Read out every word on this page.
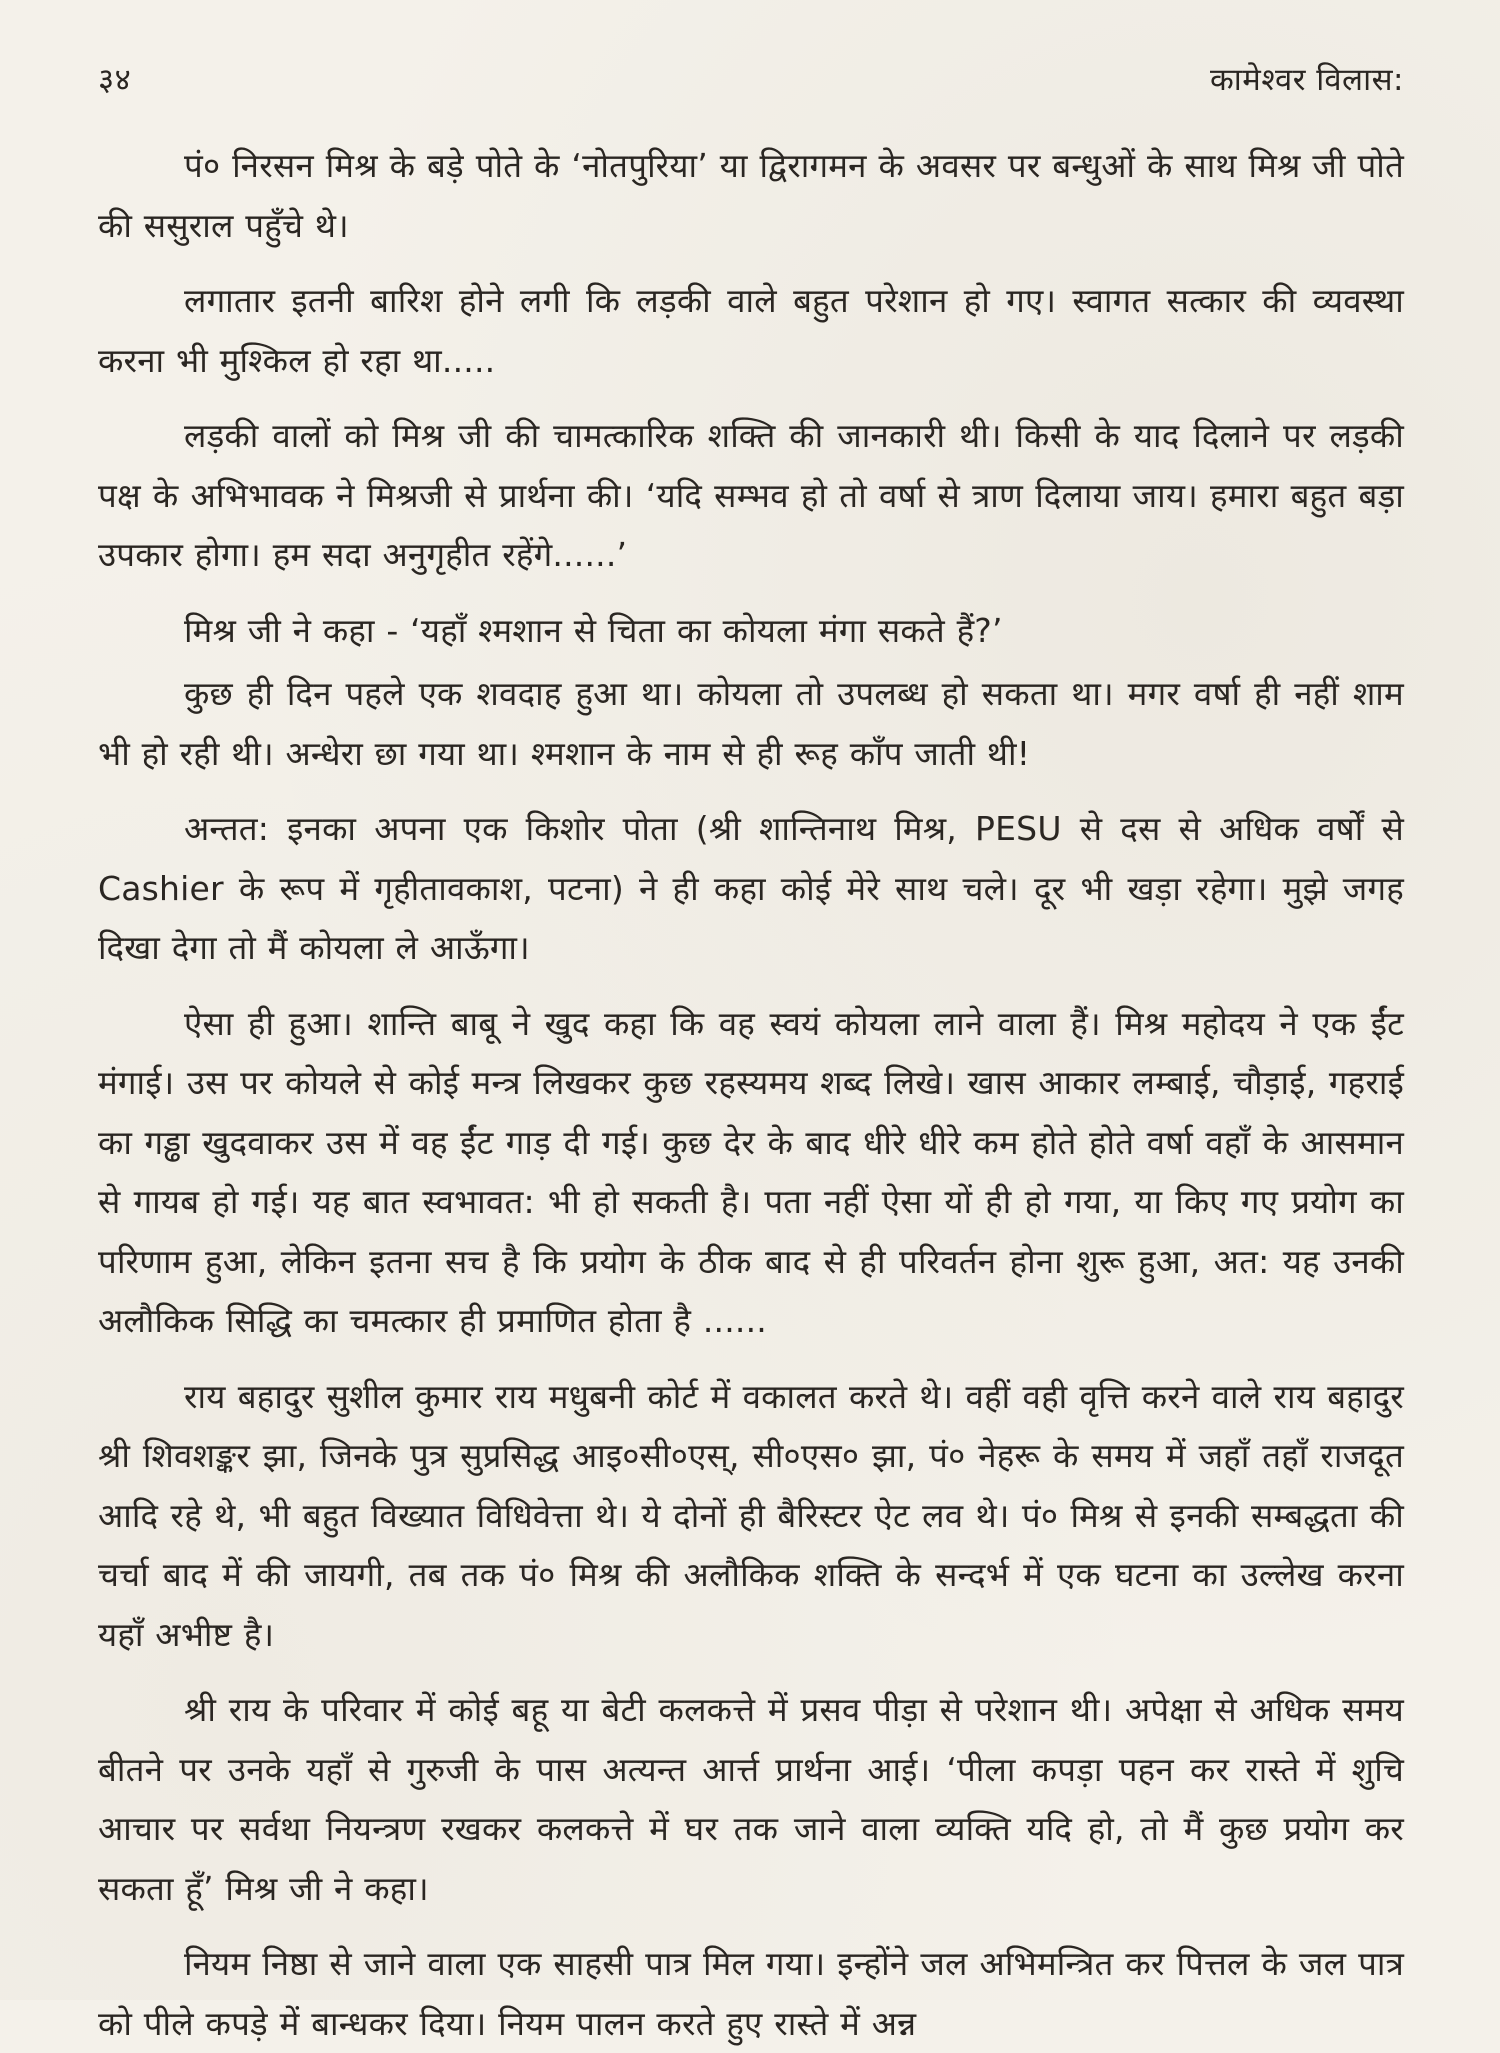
३४	कामेश्वर विलास:

पं० निरसन मिश्र के बड़े पोते के ‘नोतपुरिया’ या द्विरागमन के अवसर पर बन्धुओं के साथ मिश्र जी पोते की ससुराल पहुँचे थे।

लगातार इतनी बारिश होने लगी कि लड़की वाले बहुत परेशान हो गए। स्वागत सत्कार की व्यवस्था करना भी मुश्किल हो रहा था.....

लड़की वालों को मिश्र जी की चामत्कारिक शक्ति की जानकारी थी। किसी के याद दिलाने पर लड़की पक्ष के अभिभावक ने मिश्रजी से प्रार्थना की। ‘यदि सम्भव हो तो वर्षा से त्राण दिलाया जाय। हमारा बहुत बड़ा उपकार होगा। हम सदा अनुगृहीत रहेंगे......’

मिश्र जी ने कहा - ‘यहाँ श्मशान से चिता का कोयला मंगा सकते हैं?’

कुछ ही दिन पहले एक शवदाह हुआ था। कोयला तो उपलब्ध हो सकता था। मगर वर्षा ही नहीं शाम भी हो रही थी। अन्धेरा छा गया था। श्मशान के नाम से ही रूह काँप जाती थी!

अन्तत: इनका अपना एक किशोर पोता (श्री शान्तिनाथ मिश्र, PESU से दस से अधिक वर्षों से Cashier के रूप में गृहीतावकाश, पटना) ने ही कहा कोई मेरे साथ चले। दूर भी खड़ा रहेगा। मुझे जगह दिखा देगा तो मैं कोयला ले आऊँगा।

ऐसा ही हुआ। शान्ति बाबू ने खुद कहा कि वह स्वयं कोयला लाने वाला हैं। मिश्र महोदय ने एक ईंट मंगाई। उस पर कोयले से कोई मन्त्र लिखकर कुछ रहस्यमय शब्द लिखे। खास आकार लम्बाई, चौड़ाई, गहराई का गड्ढा खुदवाकर उस में वह ईंट गाड़ दी गई। कुछ देर के बाद धीरे धीरे कम होते होते वर्षा वहाँ के आसमान से गायब हो गई। यह बात स्वभावत: भी हो सकती है। पता नहीं ऐसा यों ही हो गया, या किए गए प्रयोग का परिणाम हुआ, लेकिन इतना सच है कि प्रयोग के ठीक बाद से ही परिवर्तन होना शुरू हुआ, अत: यह उनकी अलौकिक सिद्धि का चमत्कार ही प्रमाणित होता है ......

राय बहादुर सुशील कुमार राय मधुबनी कोर्ट में वकालत करते थे। वहीं वही वृत्ति करने वाले राय बहादुर श्री शिवशङ्कर झा, जिनके पुत्र सुप्रसिद्ध आइ०सी०एस्, सी०एस० झा, पं० नेहरू के समय में जहाँ तहाँ राजदूत आदि रहे थे, भी बहुत विख्यात विधिवेत्ता थे। ये दोनों ही बैरिस्टर ऐट लव थे। पं० मिश्र से इनकी सम्बद्धता की चर्चा बाद में की जायगी, तब तक पं० मिश्र की अलौकिक शक्ति के सन्दर्भ में एक घटना का उल्लेख करना यहाँ अभीष्ट है।

श्री राय के परिवार में कोई बहू या बेटी कलकत्ते में प्रसव पीड़ा से परेशान थी। अपेक्षा से अधिक समय बीतने पर उनके यहाँ से गुरुजी के पास अत्यन्त आर्त्त प्रार्थना आई। ‘पीला कपड़ा पहन कर रास्ते में शुचि आचार पर सर्वथा नियन्त्रण रखकर कलकत्ते में घर तक जाने वाला व्यक्ति यदि हो, तो मैं कुछ प्रयोग कर सकता हूँ’ मिश्र जी ने कहा।

नियम निष्ठा से जाने वाला एक साहसी पात्र मिल गया। इन्होंने जल अभिमन्त्रित कर पित्तल के जल पात्र को पीले कपड़े में बान्धकर दिया। नियम पालन करते हुए रास्ते में अन्न
